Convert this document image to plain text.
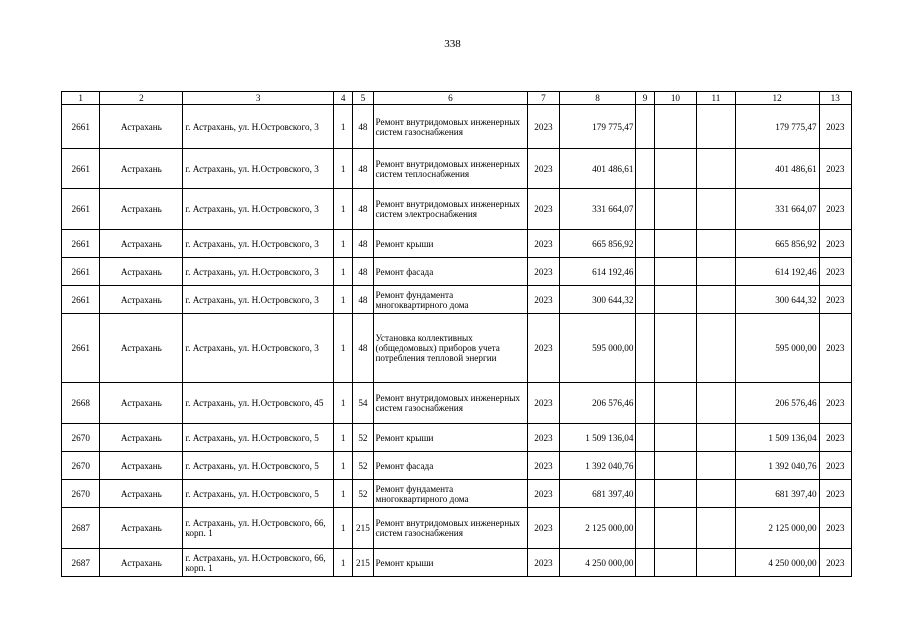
338
1	2	3	4	5	6	7	8	9	10	11	12	13
2661	Астрахань	г. Астрахань, ул. Н.Островского, 3	1	48	Ремонт внутридомовых инженерных систем газоснабжения	2023	179 775,47				179 775,47	2023
2661	Астрахань	г. Астрахань, ул. Н.Островского, 3	1	48	Ремонт внутридомовых инженерных систем теплоснабжения	2023	401 486,61				401 486,61	2023
2661	Астрахань	г. Астрахань, ул. Н.Островского, 3	1	48	Ремонт внутридомовых инженерных систем электроснабжения	2023	331 664,07				331 664,07	2023
2661	Астрахань	г. Астрахань, ул. Н.Островского, 3	1	48	Ремонт крыши	2023	665 856,92				665 856,92	2023
2661	Астрахань	г. Астрахань, ул. Н.Островского, 3	1	48	Ремонт фасада	2023	614 192,46				614 192,46	2023
2661	Астрахань	г. Астрахань, ул. Н.Островского, 3	1	48	Ремонт фундамента многоквартирного дома	2023	300 644,32				300 644,32	2023
2661	Астрахань	г. Астрахань, ул. Н.Островского, 3	1	48	Установка коллективных (общедомовых) приборов учета потребления тепловой энергии	2023	595 000,00				595 000,00	2023
2668	Астрахань	г. Астрахань, ул. Н.Островского, 45	1	54	Ремонт внутридомовых инженерных систем газоснабжения	2023	206 576,46				206 576,46	2023
2670	Астрахань	г. Астрахань, ул. Н.Островского, 5	1	52	Ремонт крыши	2023	1 509 136,04				1 509 136,04	2023
2670	Астрахань	г. Астрахань, ул. Н.Островского, 5	1	52	Ремонт фасада	2023	1 392 040,76				1 392 040,76	2023
2670	Астрахань	г. Астрахань, ул. Н.Островского, 5	1	52	Ремонт фундамента многоквартирного дома	2023	681 397,40				681 397,40	2023
2687	Астрахань	г. Астрахань, ул. Н.Островского, 66, корп. 1	1	215	Ремонт внутридомовых инженерных систем газоснабжения	2023	2 125 000,00				2 125 000,00	2023
2687	Астрахань	г. Астрахань, ул. Н.Островского, 66, корп. 1	1	215	Ремонт крыши	2023	4 250 000,00				4 250 000,00	2023
